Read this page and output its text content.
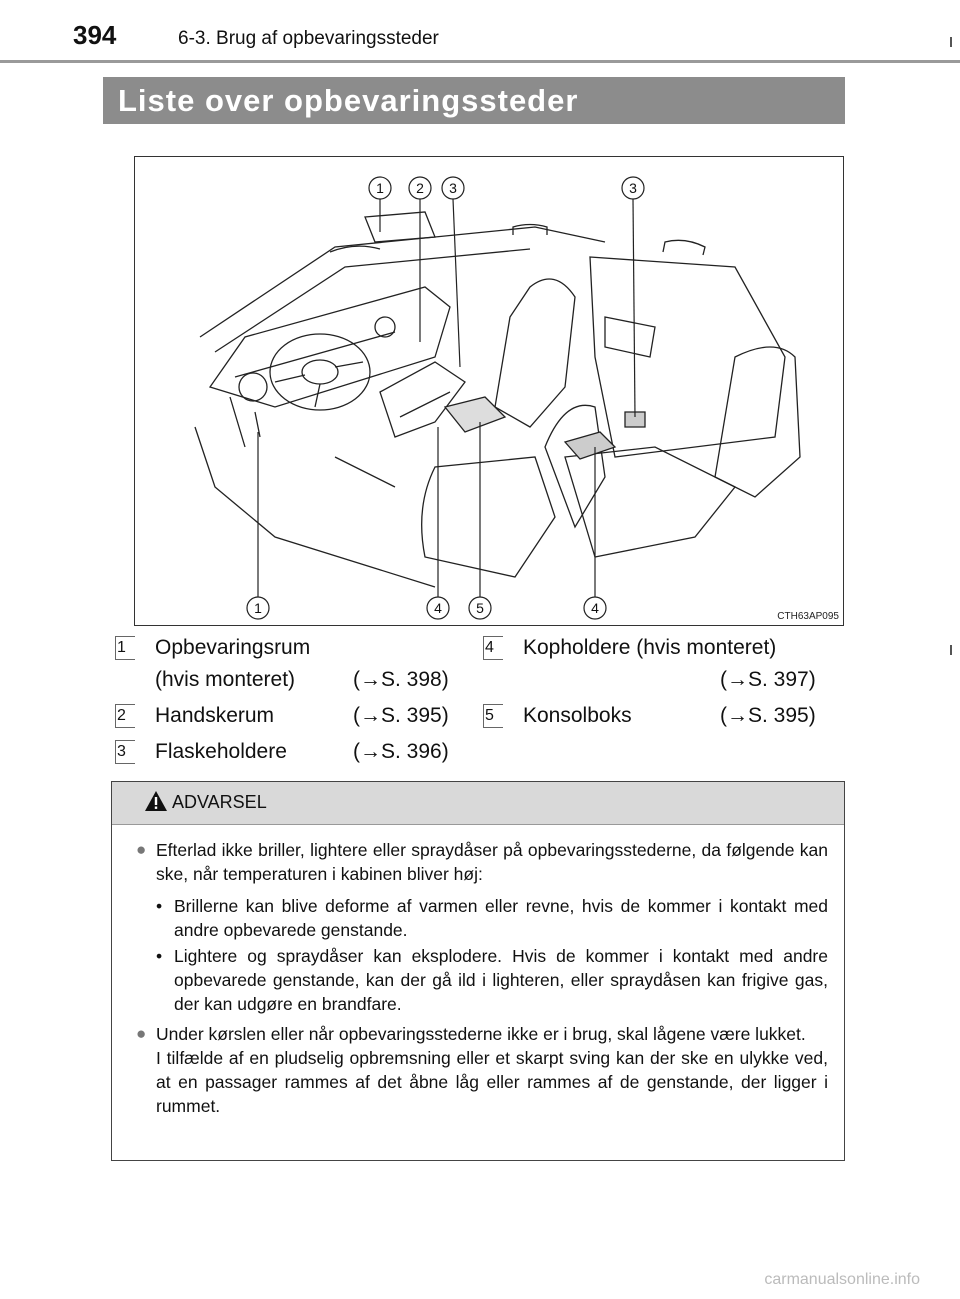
394	6-3. Brug af opbevaringssteder
Liste over opbevaringssteder
1 2 3	3
1	4 5	4
CTH63AP095
1	Opbevaringsrum
(hvis monteret)	(→S. 398)
2	Handskerum	(→S. 395)
3	Flaskeholdere	(→S. 396)
4	Kopholdere (hvis monteret)
(→S. 397)
5	Konsolboks	(→S. 395)
ADVARSEL
● Efterlad ikke briller, lightere eller spraydåser på opbevaringsstederne, da følgende kan ske, når temperaturen i kabinen bliver høj:
• Brillerne kan blive deforme af varmen eller revne, hvis de kommer i kontakt med andre opbevarede genstande.
• Lightere og spraydåser kan eksplodere. Hvis de kommer i kontakt med andre opbevarede genstande, kan der gå ild i lighteren, eller spraydåsen kan frigive gas, der kan udgøre en brandfare.
● Under kørslen eller når opbevaringsstederne ikke er i brug, skal lågene være lukket.
I tilfælde af en pludselig opbremsning eller et skarpt sving kan der ske en ulykke ved, at en passager rammes af det åbne låg eller rammes af de genstande, der ligger i rummet.
carmanualsonline.info
